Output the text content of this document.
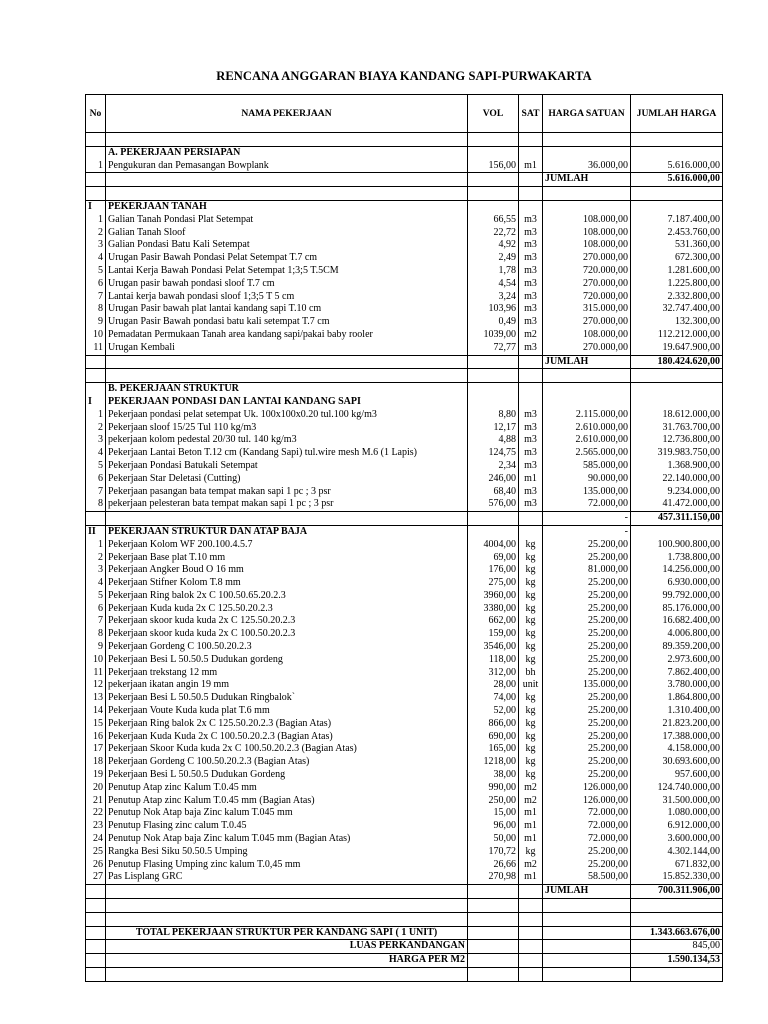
RENCANA ANGGARAN BIAYA KANDANG SAPI-PURWAKARTA
No	NAMA PEKERJAAN	VOL	SAT	HARGA SATUAN	JUMLAH HARGA

	A. PEKERJAAN PERSIAPAN				
1	Pengukuran dan Pemasangan Bowplank	156,00	m1	36.000,00	5.616.000,00
				JUMLAH	5.616.000,00

I	PEKERJAAN TANAH				
1	Galian Tanah Pondasi Plat Setempat	66,55	m3	108.000,00	7.187.400,00
2	Galian Tanah Sloof	22,72	m3	108.000,00	2.453.760,00
3	Galian Pondasi Batu Kali Setempat	4,92	m3	108.000,00	531.360,00
4	Urugan Pasir Bawah Pondasi Pelat Setempat T.7 cm	2,49	m3	270.000,00	672.300,00
5	Lantai Kerja Bawah Pondasi Pelat Setempat 1;3;5 T.5CM	1,78	m3	720.000,00	1.281.600,00
6	Urugan pasir bawah pondasi sloof T.7 cm	4,54	m3	270.000,00	1.225.800,00
7	Lantai kerja bawah pondasi sloof 1;3;5 T 5 cm	3,24	m3	720.000,00	2.332.800,00
8	Urugan Pasir bawah plat lantai kandang sapi T.10 cm	103,96	m3	315.000,00	32.747.400,00
9	Urugan Pasir Bawah pondasi batu kali setempat T.7 cm	0,49	m3	270.000,00	132.300,00
10	Pemadatan Permukaan Tanah area kandang sapi/pakai baby rooler	1039,00	m2	108.000,00	112.212.000,00
11	Urugan Kembali	72,77	m3	270.000,00	19.647.900,00
				JUMLAH	180.424.620,00

	B. PEKERJAAN STRUKTUR				
I	PEKERJAAN PONDASI DAN LANTAI KANDANG SAPI				
1	Pekerjaan pondasi pelat setempat Uk. 100x100x0.20 tul.100 kg/m3	8,80	m3	2.115.000,00	18.612.000,00
2	Pekerjaan sloof 15/25 Tul 110 kg/m3	12,17	m3	2.610.000,00	31.763.700,00
3	pekerjaan kolom pedestal 20/30 tul. 140 kg/m3	4,88	m3	2.610.000,00	12.736.800,00
4	Pekerjaan Lantai Beton T.12 cm (Kandang Sapi) tul.wire mesh M.6 (1 Lapis)	124,75	m3	2.565.000,00	319.983.750,00
5	Pekerjaan Pondasi Batukali Setempat	2,34	m3	585.000,00	1.368.900,00
6	Pekerjaan Star Deletasi (Cutting)	246,00	m1	90.000,00	22.140.000,00
7	Pekerjaan pasangan bata tempat makan sapi 1 pc ; 3 psr	68,40	m3	135.000,00	9.234.000,00
8	pekerjaan pelesteran bata tempat makan sapi 1 pc ; 3 psr	576,00	m3	72.000,00	41.472.000,00
				-	457.311.150,00
II	PEKERJAAN STRUKTUR DAN ATAP BAJA			-	
1	Pekerjaan Kolom WF 200.100.4.5.7	4004,00	kg	25.200,00	100.900.800,00
2	Pekerjaan Base plat T.10 mm	69,00	kg	25.200,00	1.738.800,00
3	Pekerjaan Angker Boud O 16 mm	176,00	kg	81.000,00	14.256.000,00
4	Pekerjaan Stifner Kolom T.8 mm	275,00	kg	25.200,00	6.930.000,00
5	Pekerjaan Ring balok 2x C 100.50.65.20.2.3	3960,00	kg	25.200,00	99.792.000,00
6	Pekerjaan Kuda kuda 2x C 125.50.20.2.3	3380,00	kg	25.200,00	85.176.000,00
7	Pekerjaan skoor kuda kuda 2x C 125.50.20.2.3	662,00	kg	25.200,00	16.682.400,00
8	Pekerjaan skoor kuda kuda 2x C 100.50.20.2.3	159,00	kg	25.200,00	4.006.800,00
9	Pekerjaan Gordeng C 100.50.20.2.3	3546,00	kg	25.200,00	89.359.200,00
10	Pekerjaan Besi L 50.50.5 Dudukan gordeng	118,00	kg	25.200,00	2.973.600,00
11	Pekerjaan trekstang 12 mm	312,00	bh	25.200,00	7.862.400,00
12	pekerjaan ikatan angin 19 mm	28,00	unit	135.000,00	3.780.000,00
13	Pekerjaan Besi L 50.50.5 Dudukan Ringbalok`	74,00	kg	25.200,00	1.864.800,00
14	Pekerjaan Voute Kuda kuda plat T.6 mm	52,00	kg	25.200,00	1.310.400,00
15	Pekerjaan Ring balok 2x C 125.50.20.2.3 (Bagian Atas)	866,00	kg	25.200,00	21.823.200,00
16	Pekerjaan Kuda Kuda 2x C 100.50.20.2.3 (Bagian Atas)	690,00	kg	25.200,00	17.388.000,00
17	Pekerjaan Skoor Kuda kuda 2x C 100.50.20.2.3 (Bagian Atas)	165,00	kg	25.200,00	4.158.000,00
18	Pekerjaan Gordeng C 100.50.20.2.3 (Bagian Atas)	1218,00	kg	25.200,00	30.693.600,00
19	Pekerjaan Besi L 50.50.5 Dudukan Gordeng	38,00	kg	25.200,00	957.600,00
20	Penutup Atap zinc Kalum T.0.45 mm	990,00	m2	126.000,00	124.740.000,00
21	Penutup Atap zinc Kalum T.0.45 mm (Bagian Atas)	250,00	m2	126.000,00	31.500.000,00
22	Penutup Nok Atap baja Zinc kalum T.045 mm	15,00	m1	72.000,00	1.080.000,00
23	Penutup Flasing zinc calum T.0.45	96,00	m1	72.000,00	6.912.000,00
24	Penutup Nok Atap baja Zinc kalum T.045 mm (Bagian Atas)	50,00	m1	72.000,00	3.600.000,00
25	Rangka Besi Siku 50.50.5 Umping	170,72	kg	25.200,00	4.302.144,00
26	Penutup Flasing Umping zinc kalum T.0,45 mm	26,66	m2	25.200,00	671.832,00
27	Pas Lisplang GRC	270,98	m1	58.500,00	15.852.330,00
				JUMLAH	700.311.906,00

	TOTAL PEKERJAAN STRUKTUR PER KANDANG SAPI ( 1 UNIT)				1.343.663.676,00
	LUAS PERKANDANGAN				845,00
	HARGA PER M2				1.590.134,53
